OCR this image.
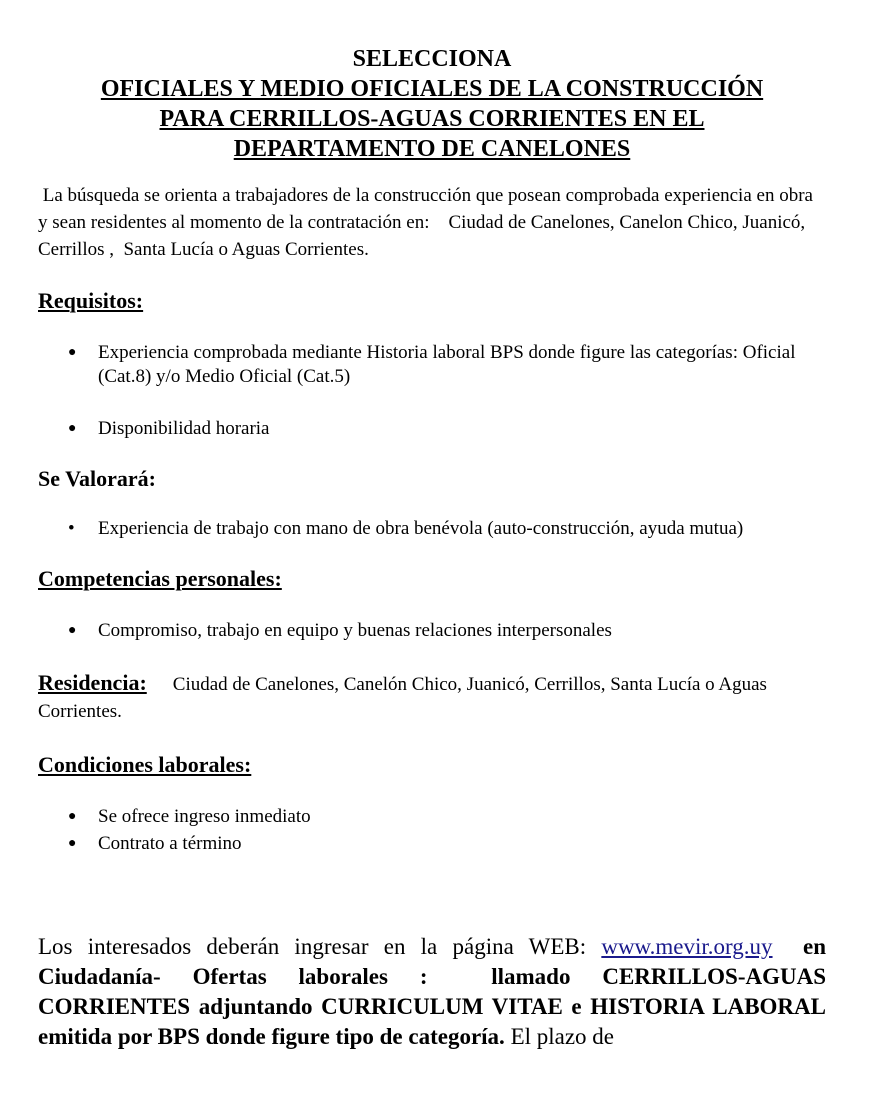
SELECCIONA
OFICIALES Y MEDIO OFICIALES DE LA CONSTRUCCIÓN
PARA CERRILLOS-AGUAS CORRIENTES EN EL
DEPARTAMENTO DE CANELONES

La búsqueda se orienta a trabajadores de la construcción que posean comprobada experiencia en obra y sean residentes al momento de la contratación en:    Ciudad de Canelones, Canelon Chico, Juanicó, Cerrillos ,  Santa Lucía o Aguas Corrientes.

Requisitos:
● Experiencia comprobada mediante Historia laboral BPS donde figure las categorías: Oficial (Cat.8) y/o Medio Oficial (Cat.5)
● Disponibilidad horaria
Se Valorará:
• Experiencia de trabajo con mano de obra benévola (auto-construcción, ayuda mutua)
Competencias personales:
● Compromiso, trabajo en equipo y buenas relaciones interpersonales

Residencia: Ciudad de Canelones, Canelón Chico, Juanicó, Cerrillos, Santa Lucía o Aguas Corrientes.

Condiciones laborales:
● Se ofrece ingreso inmediato
● Contrato a término

Los interesados deberán ingresar en la página WEB: www.mevir.org.uy  en Ciudadanía- Ofertas laborales :  llamado CERRILLOS-AGUAS CORRIENTES adjuntando CURRICULUM VITAE e HISTORIA LABORAL emitida por BPS donde figure tipo de categoría. El plazo de
